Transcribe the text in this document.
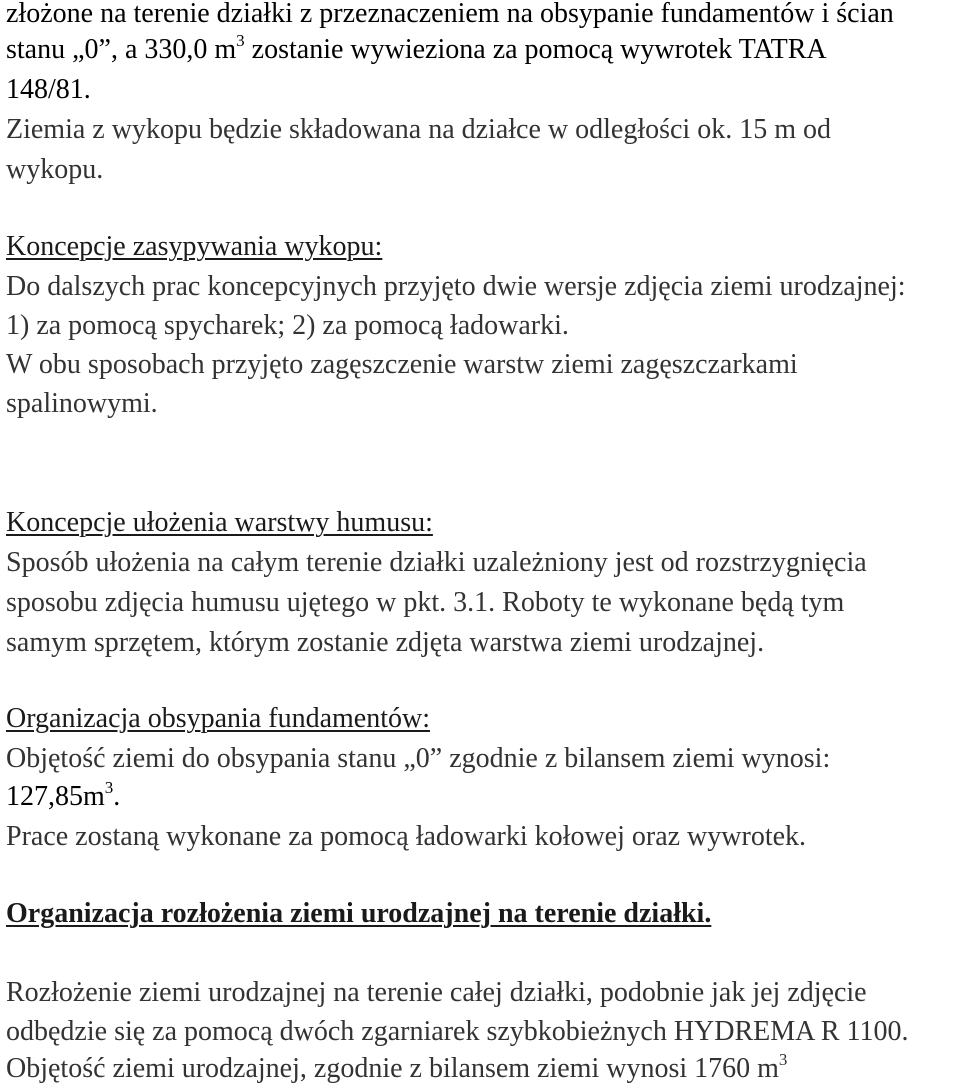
złożone na terenie działki z przeznaczeniem na obsypanie fundamentów i ścian
stanu „0”, a 330,0 $m^3$ zostanie wywieziona za pomocą wywrotek TATRA
148/81.
Ziemia z wykopu będzie składowana na działce w odległości ok. 15 m od
wykopu.
Koncepcje zasypywania wykopu:
Do dalszych prac koncepcyjnych przyjęto dwie wersje zdjęcia ziemi urodzajnej:
1) za pomocą spycharek; 2) za pomocą ładowarki.
W obu sposobach przyjęto zagęszczenie warstw ziemi zagęszczarkami
spalinowymi.
Koncepcje ułożenia warstwy humusu:
Sposób ułożenia na całym terenie działki uzależniony jest od rozstrzygnięcia
sposobu zdjęcia humusu ujętego w pkt. 3.1. Roboty te wykonane będą tym
samym sprzętem, którym zostanie zdjęta warstwa ziemi urodzajnej.
Organizacja obsypania fundamentów:
Objętość ziemi do obsypania stanu „0” zgodnie z bilansem ziemi wynosi:
$127,85m^3$.
Prace zostaną wykonane za pomocą ładowarki kołowej oraz wywrotek.
Organizacja rozłożenia ziemi urodzajnej na terenie działki.
Rozłożenie ziemi urodzajnej na terenie całej działki, podobnie jak jej zdjęcie
odbędzie się za pomocą dwóch zgarniarek szybkobieżnych HYDREMA R 1100.
Objętość ziemi urodzajnej, zgodnie z bilansem ziemi wynosi 1760 $m^3$
